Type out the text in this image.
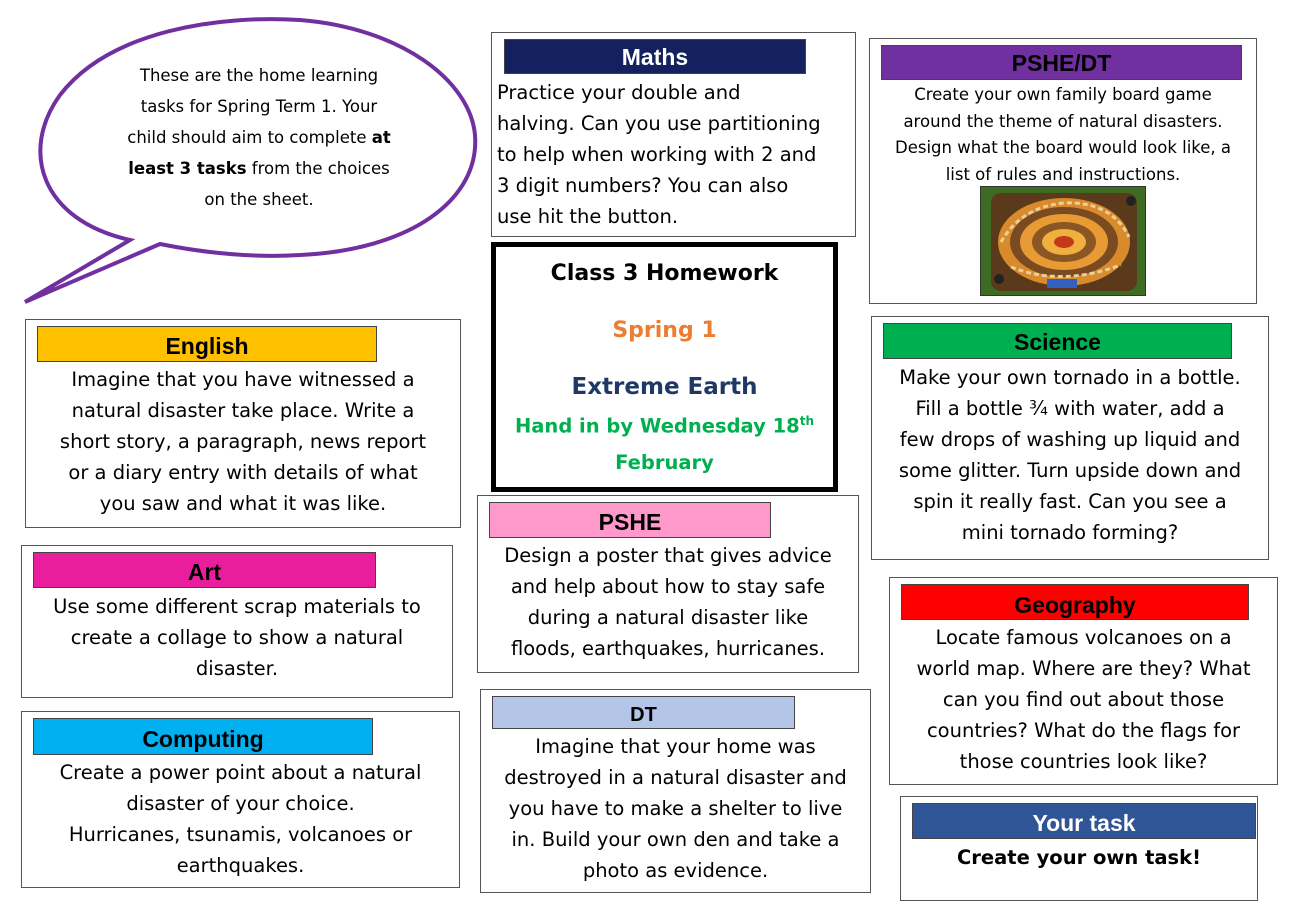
These are the home learning
tasks for Spring Term 1. Your
child should aim to complete at
least 3 tasks from the choices
on the sheet.
Maths
Practice your double and
halving. Can you use partitioning
to help when working with 2 and
3 digit numbers? You can also
use hit the button.
PSHE/DT
Create your own family board game
around the theme of natural disasters.
Design what the board would look like, a
list of rules and instructions.
Class 3 Homework
Spring 1
Extreme Earth
Hand in by Wednesday 18th
February
English
Imagine that you have witnessed a
natural disaster take place. Write a
short story, a paragraph, news report
or a diary entry with details of what
you saw and what it was like.
Science
Make your own tornado in a bottle.
Fill a bottle ¾ with water, add a
few drops of washing up liquid and
some glitter. Turn upside down and
spin it really fast. Can you see a
mini tornado forming?
PSHE
Design a poster that gives advice
and help about how to stay safe
during a natural disaster like
floods, earthquakes, hurricanes.
Art
Use some different scrap materials to
create a collage to show a natural
disaster.
Geography
Locate famous volcanoes on a
world map. Where are they? What
can you find out about those
countries? What do the flags for
those countries look like?
DT
Imagine that your home was
destroyed in a natural disaster and
you have to make a shelter to live
in. Build your own den and take a
photo as evidence.
Computing
Create a power point about a natural
disaster of your choice.
Hurricanes, tsunamis, volcanoes or
earthquakes.
Your task
Create your own task!
